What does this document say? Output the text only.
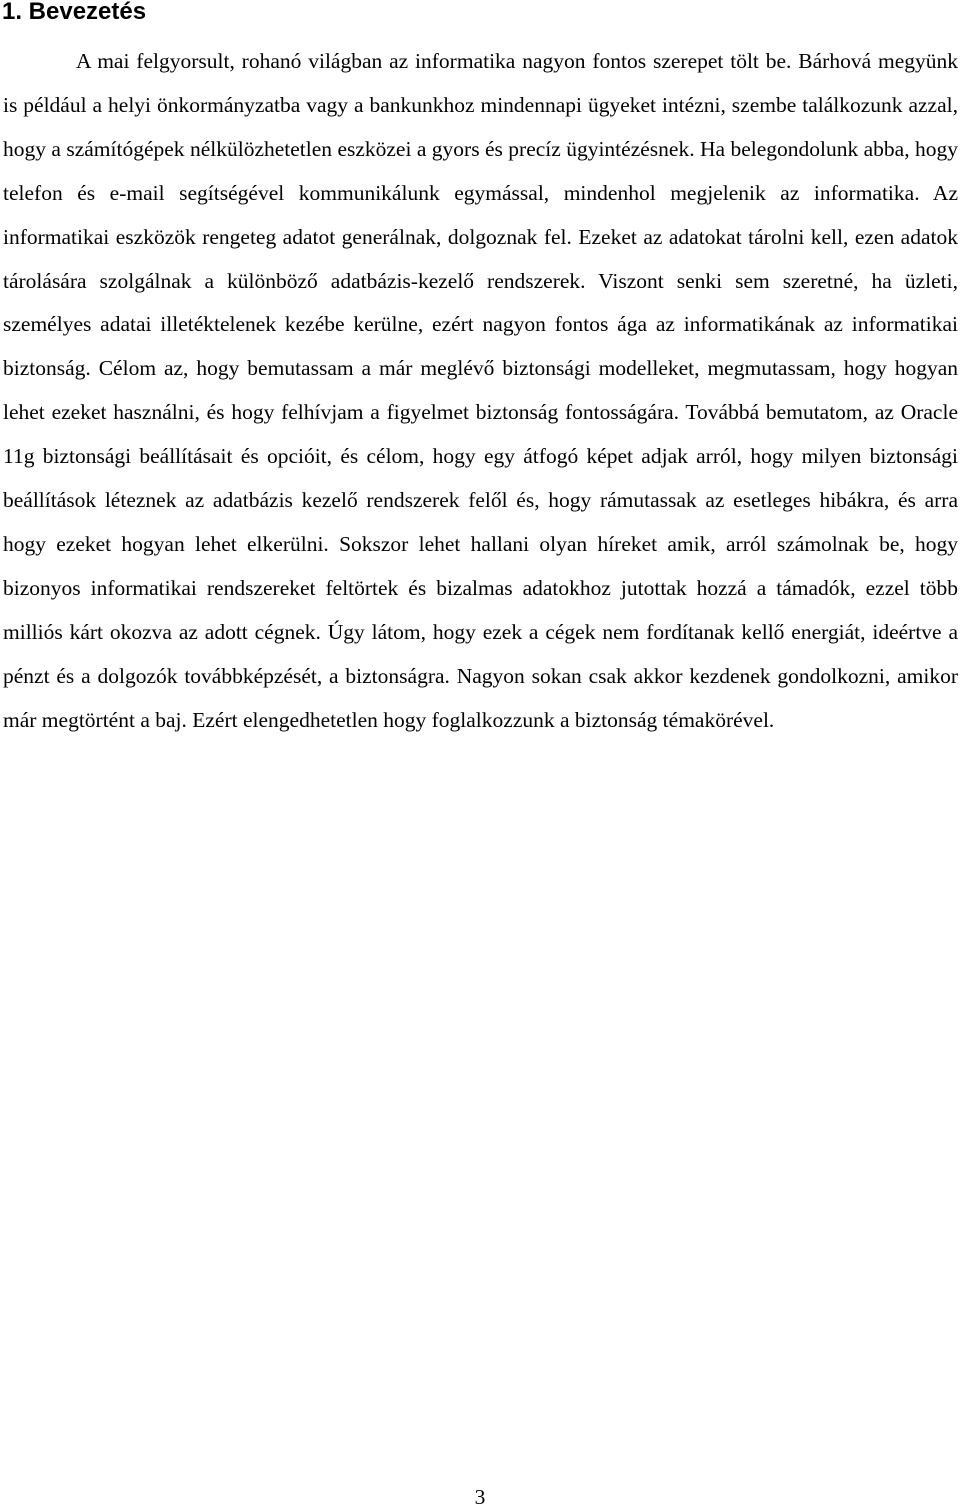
1. Bevezetés

A mai felgyorsult, rohanó világban az informatika nagyon fontos szerepet tölt be. Bárhová megyünk is például a helyi önkormányzatba vagy a bankunkhoz mindennapi ügyeket intézni, szembe találkozunk azzal, hogy a számítógépek nélkülözhetetlen eszközei a gyors és precíz ügyintézésnek. Ha belegondolunk abba, hogy telefon és e-mail segítségével kommunikálunk egymással, mindenhol megjelenik az informatika. Az informatikai eszközök rengeteg adatot generálnak, dolgoznak fel. Ezeket az adatokat tárolni kell, ezen adatok tárolására szolgálnak a különböző adatbázis-kezelő rendszerek. Viszont senki sem szeretné, ha üzleti, személyes adatai illetéktelenek kezébe kerülne, ezért nagyon fontos ága az informatikának az informatikai biztonság. Célom az, hogy bemutassam a már meglévő biztonsági modelleket, megmutassam, hogy hogyan lehet ezeket használni, és hogy felhívjam a figyelmet biztonság fontosságára. Továbbá bemutatom, az Oracle 11g biztonsági beállításait és opcióit, és célom, hogy egy átfogó képet adjak arról, hogy milyen biztonsági beállítások léteznek az adatbázis kezelő rendszerek felől és, hogy rámutassak az esetleges hibákra, és arra hogy ezeket hogyan lehet elkerülni. Sokszor lehet hallani olyan híreket amik, arról számolnak be, hogy bizonyos informatikai rendszereket feltörtek és bizalmas adatokhoz jutottak hozzá a támadók, ezzel több milliós kárt okozva az adott cégnek. Úgy látom, hogy ezek a cégek nem fordítanak kellő energiát, ideértve a pénzt és a dolgozók továbbképzését, a biztonságra. Nagyon sokan csak akkor kezdenek gondolkozni, amikor már megtörtént a baj. Ezért elengedhetetlen hogy foglalkozzunk a biztonság témakörével.

3
